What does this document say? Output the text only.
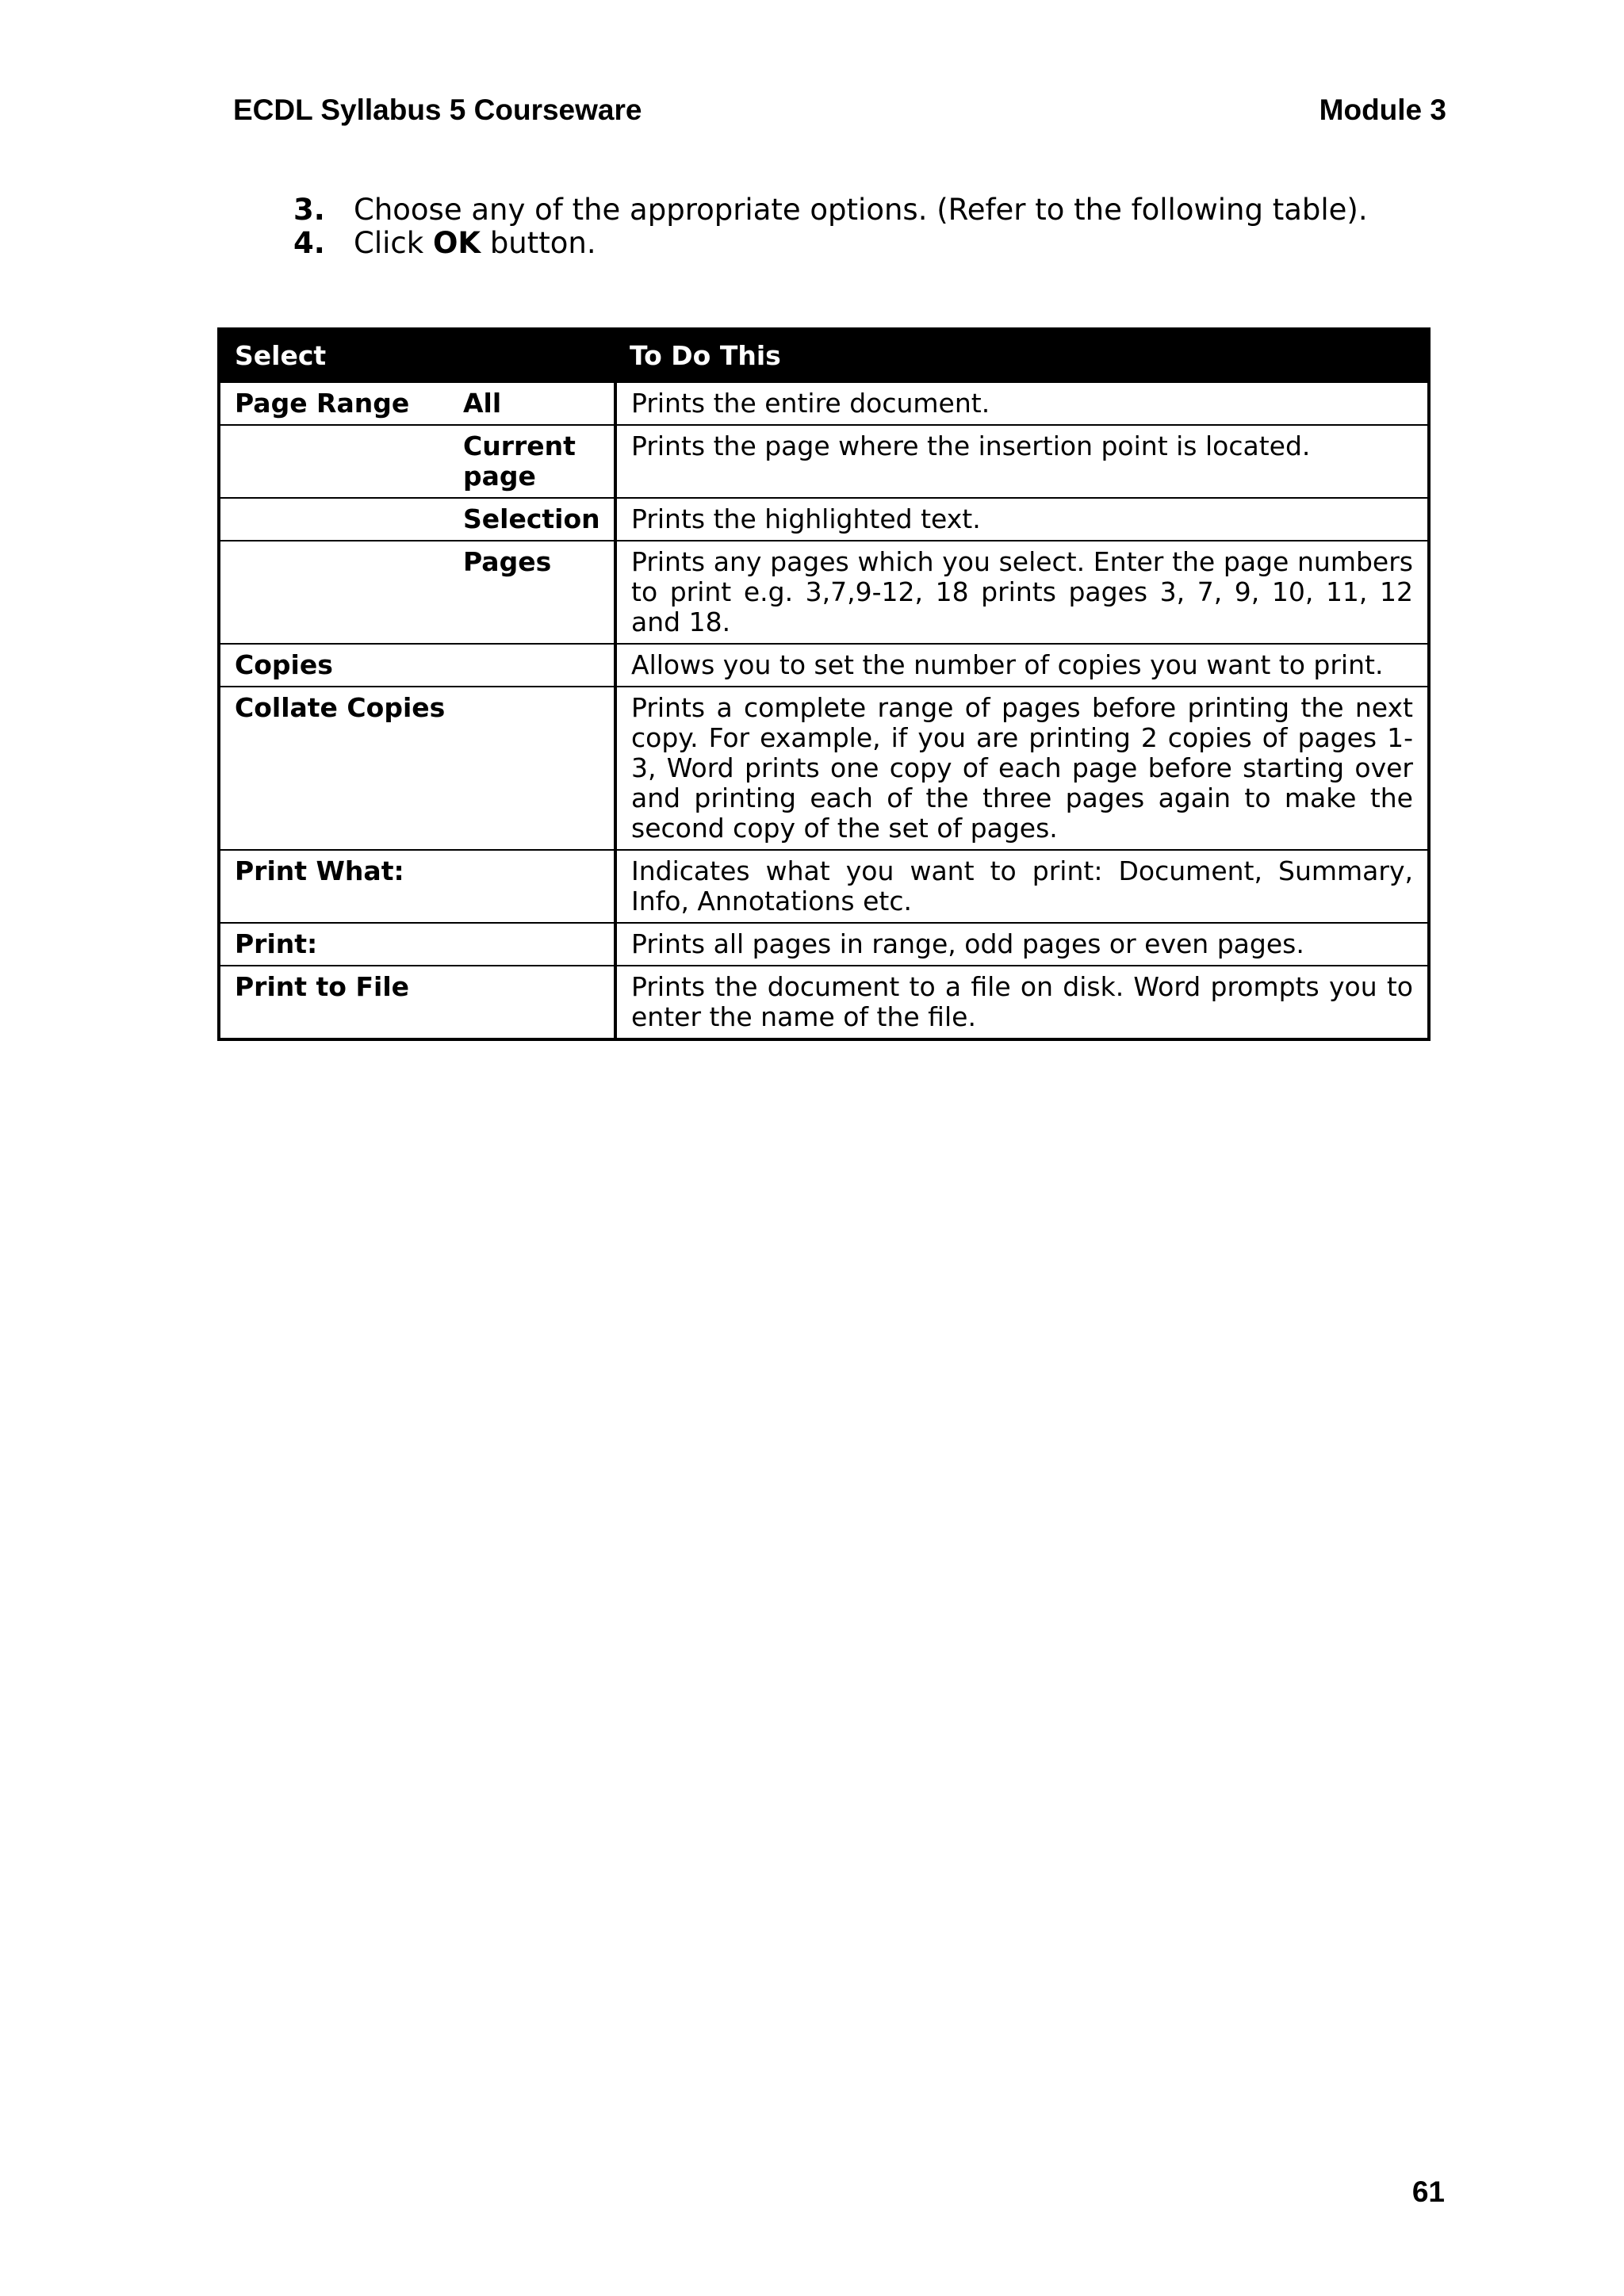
ECDL Syllabus 5 Courseware	Module 3
3. Choose any of the appropriate options. (Refer to the following table).
4. Click OK button.
Select		To Do This
Page Range	All	Prints the entire document.
	Current page	Prints the page where the insertion point is located.
	Selection	Prints the highlighted text.
	Pages	Prints any pages which you select. Enter the page numbers to print e.g. 3,7,9-12, 18 prints pages 3, 7, 9, 10, 11, 12 and 18.
Copies		Allows you to set the number of copies you want to print.
Collate Copies		Prints a complete range of pages before printing the next copy. For example, if you are printing 2 copies of pages 1-3, Word prints one copy of each page before starting over and printing each of the three pages again to make the second copy of the set of pages.
Print What:		Indicates what you want to print: Document, Summary, Info, Annotations etc.
Print:		Prints all pages in range, odd pages or even pages.
Print to File		Prints the document to a file on disk. Word prompts you to enter the name of the file.
61
